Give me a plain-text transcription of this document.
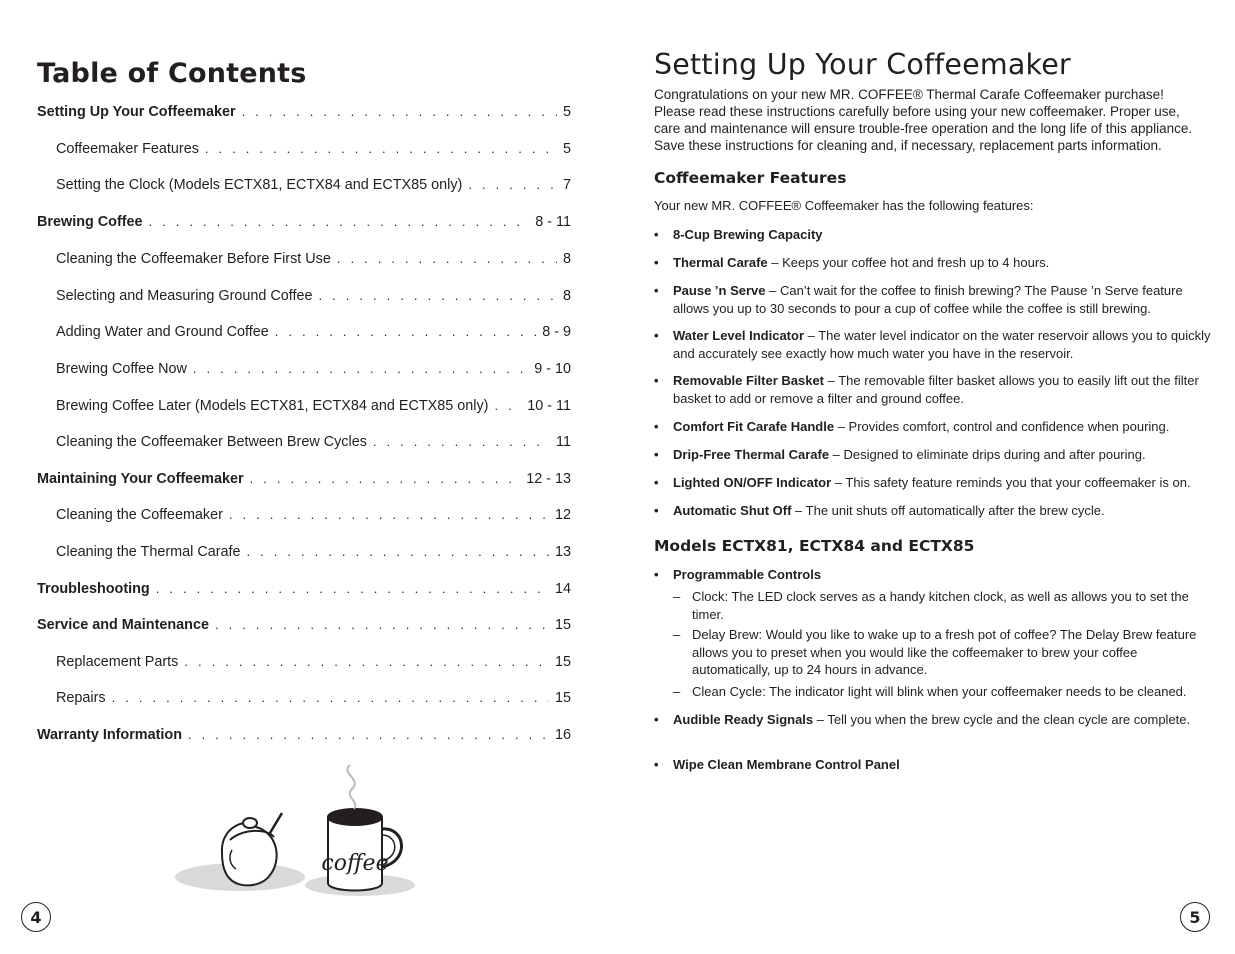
Table of Contents
Setting Up Your Coffeemaker . . .	5
Coffeemaker Features . . .	5
Setting the Clock (Models ECTX81, ECTX84 and ECTX85 only) . . .	7
Brewing Coffee . . .	8 - 11
Cleaning the Coffeemaker Before First Use . . .	8
Selecting and Measuring Ground Coffee . . .	8
Adding Water and Ground Coffee . . .	8 - 9
Brewing Coffee Now . . .	9 - 10
Brewing Coffee Later (Models ECTX81, ECTX84 and ECTX85 only) . . .	10 - 11
Cleaning the Coffeemaker Between Brew Cycles . . .	11
Maintaining Your Coffeemaker . . .	12 - 13
Cleaning the Coffeemaker . . .	12
Cleaning the Thermal Carafe . . .	13
Troubleshooting . . .	14
Service and Maintenance . . .	15
Replacement Parts . . .	15
Repairs . . .	15
Warranty Information . . .	16
coffee
4
Setting Up Your Coffeemaker

Congratulations on your new MR. COFFEE® Thermal Carafe Coffeemaker purchase! Please read these instructions carefully before using your new coffeemaker. Proper use, care and maintenance will ensure trouble-free operation and the long life of this appliance. Save these instructions for cleaning and, if necessary, replacement parts information.

Coffeemaker Features

Your new MR. COFFEE® Coffeemaker has the following features:

• 8-Cup Brewing Capacity
• Thermal Carafe – Keeps your coffee hot and fresh up to 4 hours.
• Pause ’n Serve – Can’t wait for the coffee to finish brewing? The Pause ’n Serve feature allows you up to 30 seconds to pour a cup of coffee while the coffee is still brewing.
• Water Level Indicator – The water level indicator on the water reservoir allows you to quickly and accurately see exactly how much water you have in the reservoir.
• Removable Filter Basket – The removable filter basket allows you to easily lift out the filter basket to add or remove a filter and ground coffee.
• Comfort Fit Carafe Handle – Provides comfort, control and confidence when pouring.
• Drip-Free Thermal Carafe – Designed to eliminate drips during and after pouring.
• Lighted ON/OFF Indicator – This safety feature reminds you that your coffeemaker is on.
• Automatic Shut Off – The unit shuts off automatically after the brew cycle.
Models ECTX81, ECTX84 and ECTX85
• Programmable Controls
– Clock: The LED clock serves as a handy kitchen clock, as well as allows you to set the timer.
– Delay Brew: Would you like to wake up to a fresh pot of coffee? The Delay Brew feature allows you to preset when you would like the coffeemaker to brew your coffee automatically, up to 24 hours in advance.
– Clean Cycle: The indicator light will blink when your coffeemaker needs to be cleaned.
• Audible Ready Signals – Tell you when the brew cycle and the clean cycle are complete.
• Wipe Clean Membrane Control Panel
5
